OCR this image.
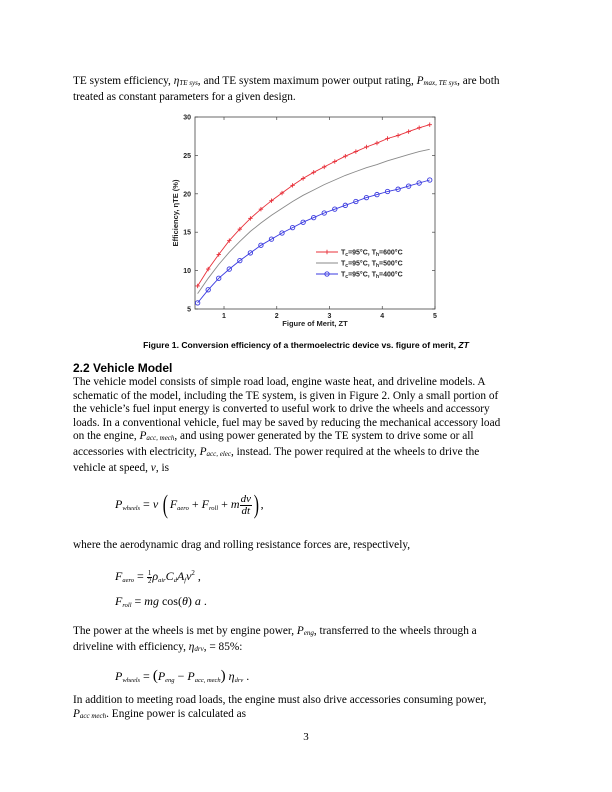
TE system efficiency, ηTE sys, and TE system maximum power output rating, Pmax, TE sys, are both
treated as constant parameters for a given design.
1	2	3	4	5
5
10
15
20
25
30
Figure of Merit, ZT
Efficiency, ηTE (%)
$T_c=95^\circ C$, $T_h=600^\circ C$
$T_c=95^\circ C$, $T_h=500^\circ C$
$T_c=95^\circ C$, $T_h=400^\circ C$
Figure 1. Conversion efficiency of a thermoelectric device vs. figure of merit, ZT
2.2 Vehicle Model
The vehicle model consists of simple road load, engine waste heat, and driveline models. A
schematic of the model, including the TE system, is given in Figure 2. Only a small portion of
the vehicle’s fuel input energy is converted to useful work to drive the wheels and accessory
loads. In a conventional vehicle, fuel may be saved by reducing the mechanical accessory load
on the engine, Pacc, mech, and using power generated by the TE system to drive some or all
accessories with electricity, Pacc, elec, instead. The power required at the wheels to drive the
vehicle at speed, v, is
Pwheels = v ( Faero + Froll + m $\frac{dv}{dt}$ ) ,
where the aerodynamic drag and rolling resistance forces are, respectively,
Faero = $\frac{1}{2}$ ρairCdAfv$^2$ ,
Froll = mg cos(θ) a .
The power at the wheels is met by engine power, Peng, transferred to the wheels through a
driveline with efficiency, ηdrv, = 85%:
Pwheels = (Peng − Pacc, mech) ηdrv .
In addition to meeting road loads, the engine must also drive accessories consuming power,
Pacc mech. Engine power is calculated as
3
